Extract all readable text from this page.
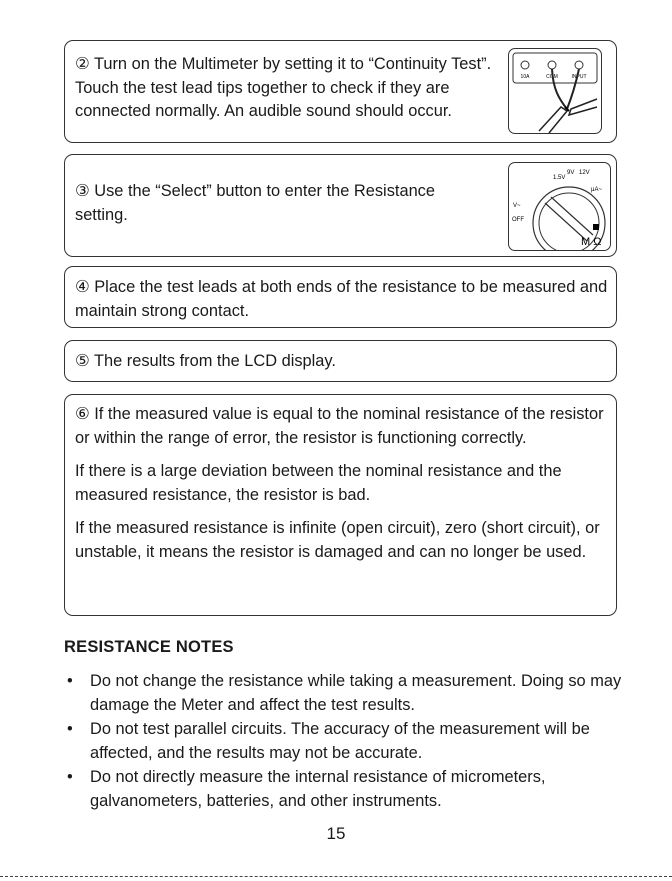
② Turn on the Multimeter by setting it to “Continuity Test”. Touch the test lead tips together to check if they are connected normally. An audible sound should occur.
10A	COM	INPUT
③ Use the “Select” button to enter the Resistance setting.
1.5V
9V 12V
μA~
V~
OFF
M Ω
④ Place the test leads at both ends of the resistance to be measured and maintain strong contact.
⑤ The results from the LCD display.

⑥ If the measured value is equal to the nominal resistance of the resistor or within the range of error, the resistor is functioning correctly.

If there is a large deviation between the nominal resistance and the measured resistance, the resistor is bad.

If the measured resistance is infinite (open circuit), zero (short circuit), or unstable, it means the resistor is damaged and can no longer be used.

RESISTANCE NOTES
• Do not change the resistance while taking a measurement. Doing so may damage the Meter and affect the test results.
• Do not test parallel circuits. The accuracy of the measurement will be affected, and the results may not be accurate.
• Do not directly measure the internal resistance of micrometers, galvanometers, batteries, and other instruments.
15
